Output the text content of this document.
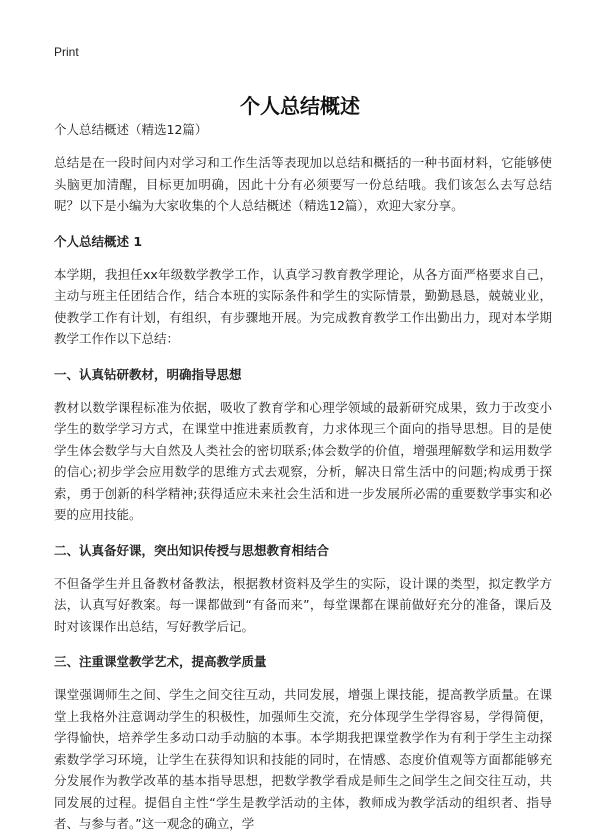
Print
个人总结概述

个人总结概述（精选12篇）

总结是在一段时间内对学习和工作生活等表现加以总结和概括的一种书面材料，它能够使头脑更加清醒，目标更加明确，因此十分有必须要写一份总结哦。我们该怎么去写总结呢？以下是小编为大家收集的个人总结概述（精选12篇），欢迎大家分享。

个人总结概述 1

本学期，我担任xx年级数学教学工作，认真学习教育教学理论，从各方面严格要求自己，主动与班主任团结合作，结合本班的实际条件和学生的实际情景，勤勤恳恳，兢兢业业，使教学工作有计划，有组织，有步骤地开展。为完成教育教学工作出勤出力，现对本学期教学工作作以下总结：

一、认真钻研教材，明确指导思想

教材以数学课程标准为依据，吸收了教育学和心理学领域的最新研究成果，致力于改变小学生的数学学习方式，在课堂中推进素质教育，力求体现三个面向的指导思想。目的是使学生体会数学与大自然及人类社会的密切联系;体会数学的价值，增强理解数学和运用数学的信心;初步学会应用数学的思维方式去观察，分析，解决日常生活中的问题;构成勇于探索，勇于创新的科学精神;获得适应未来社会生活和进一步发展所必需的重要数学事实和必要的应用技能。

二、认真备好课，突出知识传授与思想教育相结合

不但备学生并且备教材备教法，根据教材资料及学生的实际，设计课的类型，拟定教学方法，认真写好教案。每一课都做到“有备而来”，每堂课都在课前做好充分的准备，课后及时对该课作出总结，写好教学后记。

三、注重课堂教学艺术，提高教学质量

课堂强调师生之间、学生之间交往互动，共同发展，增强上课技能，提高教学质量。在课堂上我格外注意调动学生的积极性，加强师生交流，充分体现学生学得容易，学得简便，学得愉快，培养学生多动口动手动脑的本事。本学期我把课堂教学作为有利于学生主动探索数学学习环境，让学生在获得知识和技能的同时，在情感、态度价值观等方面都能够充分发展作为教学改革的基本指导思想，把数学教学看成是师生之间学生之间交往互动，共同发展的过程。提倡自主性“学生是教学活动的主体，教师成为教学活动的组织者、指导者、与参与者。”这一观念的确立，学
